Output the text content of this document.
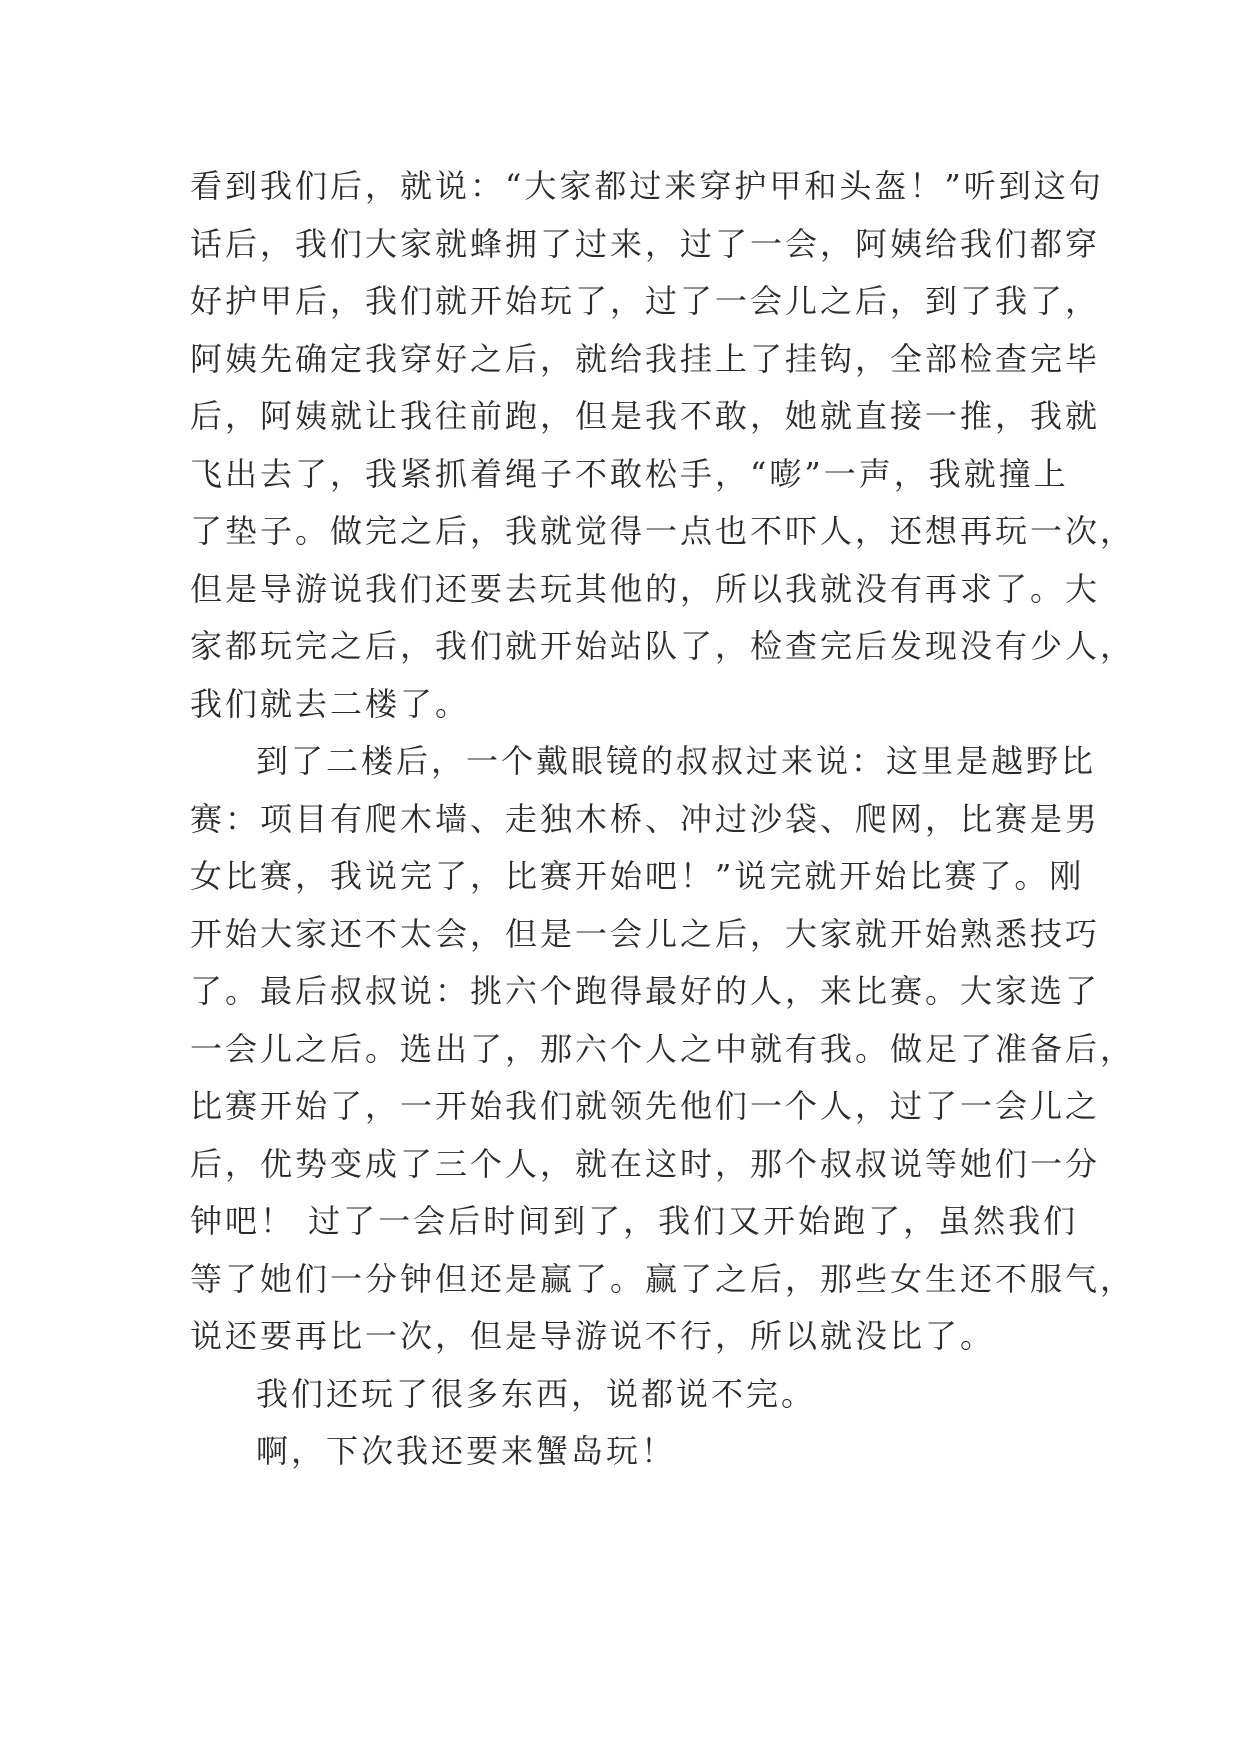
看到我们后，就说：“大家都过来穿护甲和头盔！”听到这句
话后，我们大家就蜂拥了过来，过了一会，阿姨给我们都穿
好护甲后，我们就开始玩了，过了一会儿之后，到了我了，
阿姨先确定我穿好之后，就给我挂上了挂钩，全部检查完毕
后，阿姨就让我往前跑，但是我不敢，她就直接一推，我就
飞出去了，我紧抓着绳子不敢松手，“嘭”一声，我就撞上
了垫子。做完之后，我就觉得一点也不吓人，还想再玩一次，
但是导游说我们还要去玩其他的，所以我就没有再求了。大
家都玩完之后，我们就开始站队了，检查完后发现没有少人，
我们就去二楼了。
到了二楼后，一个戴眼镜的叔叔过来说：这里是越野比
赛：项目有爬木墙、走独木桥、冲过沙袋、爬网，比赛是男
女比赛，我说完了，比赛开始吧！”说完就开始比赛了。刚
开始大家还不太会，但是一会儿之后，大家就开始熟悉技巧
了。最后叔叔说：挑六个跑得最好的人，来比赛。大家选了
一会儿之后。选出了，那六个人之中就有我。做足了准备后，
比赛开始了，一开始我们就领先他们一个人，过了一会儿之
后，优势变成了三个人，就在这时，那个叔叔说等她们一分
钟吧！ 过了一会后时间到了，我们又开始跑了，虽然我们
等了她们一分钟但还是赢了。赢了之后，那些女生还不服气，
说还要再比一次，但是导游说不行，所以就没比了。
我们还玩了很多东西，说都说不完。
啊，下次我还要来蟹岛玩！
